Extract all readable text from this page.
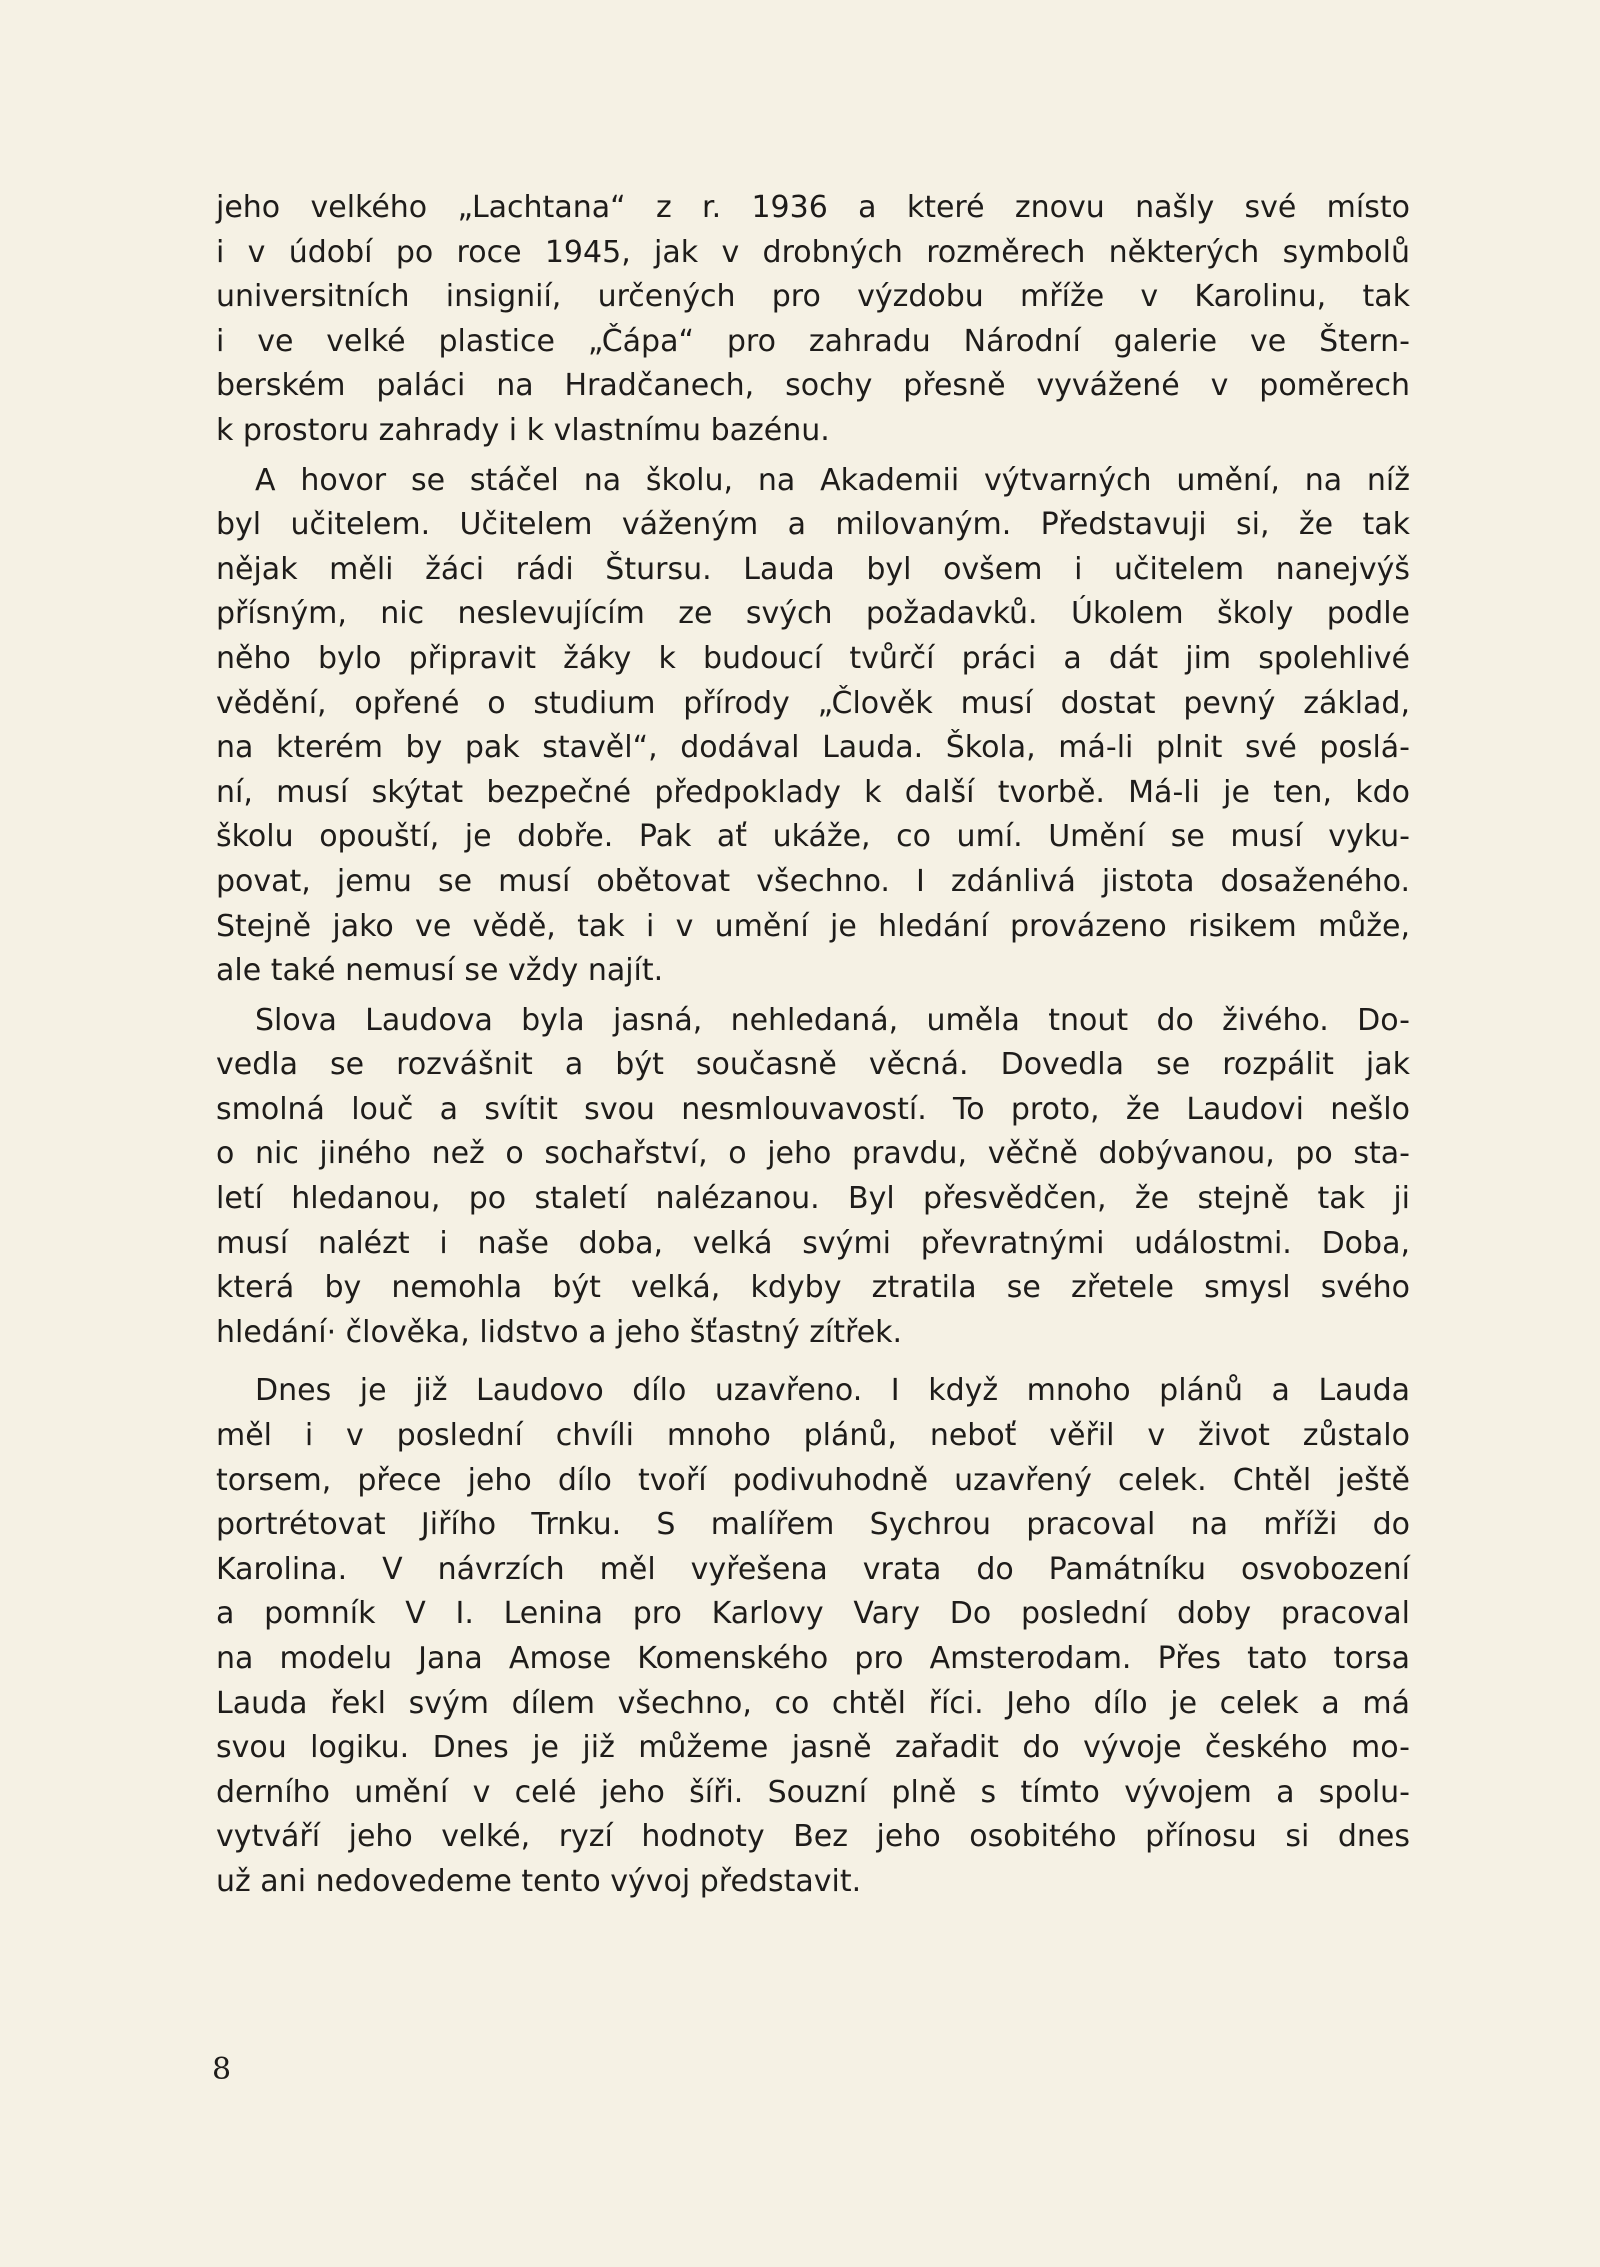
jeho velkého „Lachtana“ z r. 1936 a které znovu našly své místo
i v údobí po roce 1945, jak v drobných rozměrech některých symbolů
universitních insignií, určených pro výzdobu mříže v Karolinu, tak
i ve velké plastice „Čápa“ pro zahradu Národní galerie ve Štern-
berském paláci na Hradčanech, sochy přesně vyvážené v poměrech
k prostoru zahrady i k vlastnímu bazénu.
A hovor se stáčel na školu, na Akademii výtvarných umění, na níž
byl učitelem. Učitelem váženým a milovaným. Představuji si, že tak
nějak měli žáci rádi Štursu. Lauda byl ovšem i učitelem nanejvýš
přísným, nic neslevujícím ze svých požadavků. Úkolem školy podle
něho bylo připravit žáky k budoucí tvůrčí práci a dát jim spolehlivé
vědění, opřené o studium přírody „Člověk musí dostat pevný základ,
na kterém by pak stavěl“, dodával Lauda. Škola, má-li plnit své poslá-
ní, musí skýtat bezpečné předpoklady k další tvorbě. Má-li je ten, kdo
školu opouští, je dobře. Pak ať ukáže, co umí. Umění se musí vyku-
povat, jemu se musí obětovat všechno. I zdánlivá jistota dosaženého.
Stejně jako ve vědě, tak i v umění je hledání provázeno risikem může,
ale také nemusí se vždy najít.
Slova Laudova byla jasná, nehledaná, uměla tnout do živého. Do-
vedla se rozvášnit a být současně věcná. Dovedla se rozpálit jak
smolná louč a svítit svou nesmlouvavostí. To proto, že Laudovi nešlo
o nic jiného než o sochařství, o jeho pravdu, věčně dobývanou, po sta-
letí hledanou, po staletí nalézanou. Byl přesvědčen, že stejně tak ji
musí nalézt i naše doba, velká svými převratnými událostmi. Doba,
která by nemohla být velká, kdyby ztratila se zřetele smysl svého
hledání· člověka, lidstvo a jeho šťastný zítřek.
Dnes je již Laudovo dílo uzavřeno. I když mnoho plánů a Lauda
měl i v poslední chvíli mnoho plánů, neboť věřil v život zůstalo
torsem, přece jeho dílo tvoří podivuhodně uzavřený celek. Chtěl ještě
portrétovat Jiřího Trnku. S malířem Sychrou pracoval na mříži do
Karolina. V návrzích měl vyřešena vrata do Památníku osvobození
a pomník V I. Lenina pro Karlovy Vary Do poslední doby pracoval
na modelu Jana Amose Komenského pro Amsterodam. Přes tato torsa
Lauda řekl svým dílem všechno, co chtěl říci. Jeho dílo je celek a má
svou logiku. Dnes je již můžeme jasně zařadit do vývoje českého mo-
derního umění v celé jeho šíři. Souzní plně s tímto vývojem a spolu-
vytváří jeho velké, ryzí hodnoty Bez jeho osobitého přínosu si dnes
už ani nedovedeme tento vývoj představit.
8
